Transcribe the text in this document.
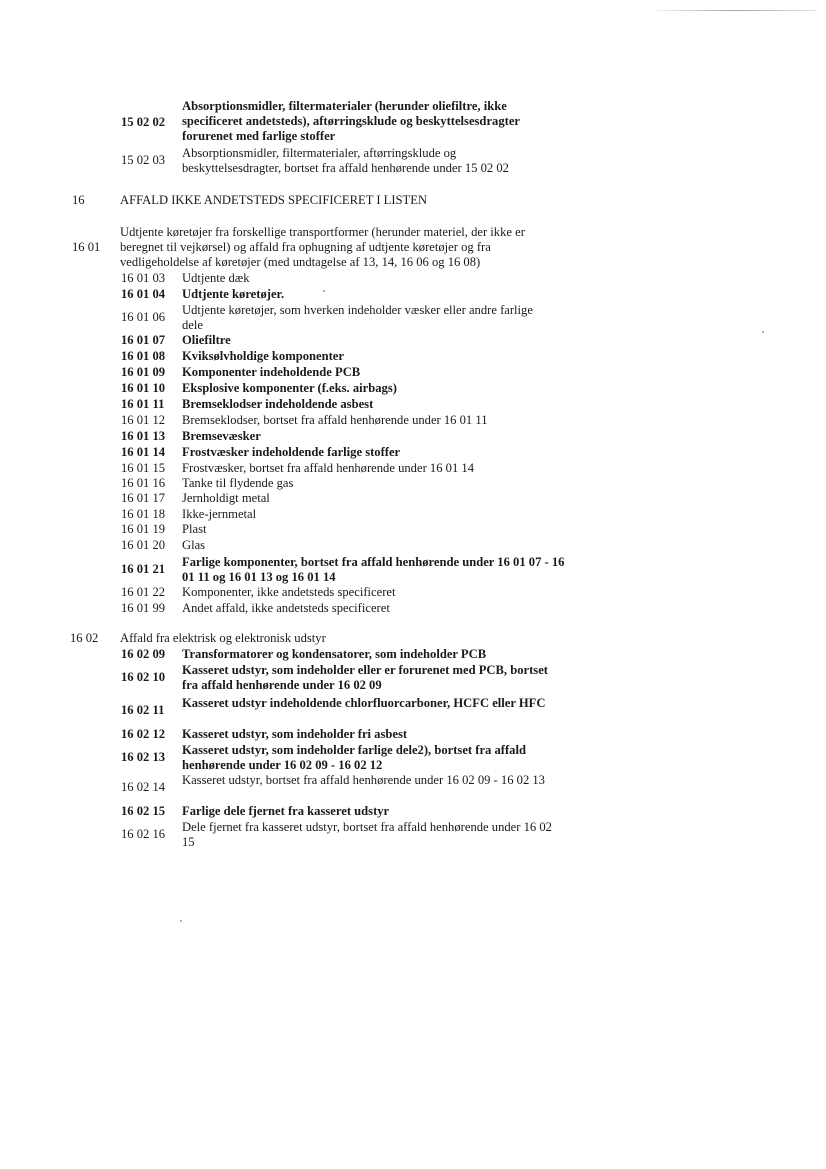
15 02 02
Absorptionsmidler, filtermaterialer (herunder oliefiltre, ikke specificeret andetsteds), aftørringsklude og beskyttelsesdragter forurenet med farlige stoffer
15 02 03 Absorptionsmidler, filtermaterialer, aftørringsklude og beskyttelsesdragter, bortset fra affald henhørende under 15 02 02
16	AFFALD IKKE ANDETSTEDS SPECIFICERET I LISTEN
16 01
Udtjente køretøjer fra forskellige transportformer (herunder materiel, der ikke er beregnet til vejkørsel) og affald fra ophugning af udtjente køretøjer og fra vedligeholdelse af køretøjer (med undtagelse af 13, 14, 16 06 og 16 08)
16 01 03 Udtjente dæk
16 01 04 Udtjente køretøjer.
16 01 06 Udtjente køretøjer, som hverken indeholder væsker eller andre farlige dele
16 01 07 Oliefiltre
16 01 08 Kviksølvholdige komponenter
16 01 09 Komponenter indeholdende PCB
16 01 10 Eksplosive komponenter (f.eks. airbags)
16 01 11 Bremseklodser indeholdende asbest
16 01 12 Bremseklodser, bortset fra affald henhørende under 16 01 11
16 01 13 Bremsevæsker
16 01 14 Frostvæsker indeholdende farlige stoffer
16 01 15 Frostvæsker, bortset fra affald henhørende under 16 01 14
16 01 16 Tanke til flydende gas
16 01 17 Jernholdigt metal
16 01 18 Ikke-jernmetal
16 01 19 Plast
16 01 20 Glas
16 01 21 Farlige komponenter, bortset fra affald henhørende under 16 01 07 - 16 01 11 og 16 01 13 og 16 01 14
16 01 22 Komponenter, ikke andetsteds specificeret
16 01 99 Andet affald, ikke andetsteds specificeret
16 02 Affald fra elektrisk og elektronisk udstyr
16 02 09 Transformatorer og kondensatorer, som indeholder PCB
16 02 10 Kasseret udstyr, som indeholder eller er forurenet med PCB, bortset fra affald henhørende under 16 02 09
16 02 11 Kasseret udstyr indeholdende chlorfluorcarboner, HCFC eller HFC
16 02 12 Kasseret udstyr, som indeholder fri asbest
16 02 13 Kasseret udstyr, som indeholder farlige dele2), bortset fra affald henhørende under 16 02 09 - 16 02 12
16 02 14 Kasseret udstyr, bortset fra affald henhørende under 16 02 09 - 16 02 13
16 02 15 Farlige dele fjernet fra kasseret udstyr
16 02 16 Dele fjernet fra kasseret udstyr, bortset fra affald henhørende under 16 02 15
